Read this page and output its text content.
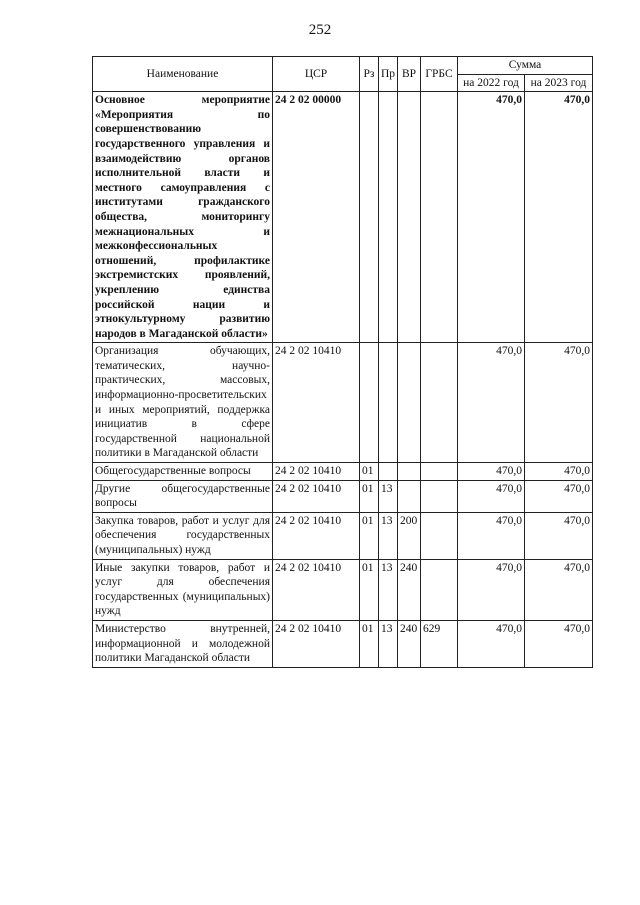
252
Наименование	ЦСР	Рз	Пр	ВР	ГРБС	Сумма	
						на 2022 год	на 2023 год
Основное мероприятие «Мероприятия по совершенствованию государственного управления и взаимодействию органов исполнительной власти и местного самоуправления с институтами гражданского общества, мониторингу межнациональных и межконфессиональных отношений, профилактике экстремистских проявлений, укреплению единства российской нации и этнокультурному развитию народов в Магаданской области»	24 2 02 00000					470,0	470,0
Организация обучающих, тематических, научно-практических, массовых, информационно-просветительских и иных мероприятий, поддержка инициатив в сфере государственной национальной политики в Магаданской области	24 2 02 10410					470,0	470,0
Общегосударственные вопросы	24 2 02 10410	01				470,0	470,0
Другие общегосударственные вопросы	24 2 02 10410	01	13			470,0	470,0
Закупка товаров, работ и услуг для обеспечения государственных (муниципальных) нужд	24 2 02 10410	01	13	200		470,0	470,0
Иные закупки товаров, работ и услуг для обеспечения государственных (муниципальных) нужд	24 2 02 10410	01	13	240		470,0	470,0
Министерство внутренней, информационной и молодежной политики Магаданской области	24 2 02 10410	01	13	240	629	470,0	470,0
